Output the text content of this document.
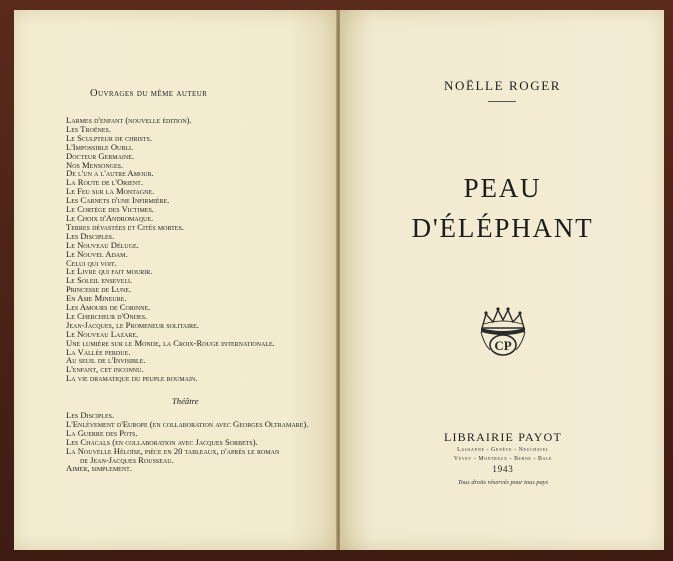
Ouvrages du même auteur
Larmes d'enfant (nouvelle édition).
Les Troënes.
Le Sculpteur de christs.
L'Impossible Oubli.
Docteur Germaine.
Nos Mensonges.
De l'un a l'autre Amour.
La Route de l'Orient.
Le Feu sur la Montagne.
Les Carnets d'une Infirmière.
Le Cortège des Victimes.
Le Choix d'Andromaque.
Terres dévastées et Cités mortes.
Les Disciples.
Le Nouveau Déluge.
Le Nouvel Adam.
Celui qui voit.
Le Livre qui fait mourir.
Le Soleil enseveli.
Princesse de Lune.
En Asie Mineure.
Les Amours de Corinne.
Le Chercheur d'Ondes.
Jean-Jacques, le Promeneur solitaire.
Le Nouveau Lazare.
Une lumière sur le Monde, la Croix-Rouge internationale.
La Vallée perdue.
Au seuil de l'Invisible.
L'enfant, cet inconnu.
La vie dramatique du peuple roumain.
Théâtre
Les Disciples.
L'Enlèvement d'Europe (en collaboration avec Georges Oltramare).
La Guerre des Pots.
Les Chacals (en collaboration avec Jacques Sorbets).
La Nouvelle Héloïse, pièce en 20 tableaux, d'après le roman
de Jean-Jacques Rousseau.
Aimer, simplement.
NOËLLE ROGER
PEAU
D'ÉLÉPHANT
CP
LIBRAIRIE PAYOT
Lausanne - Genève - Neuchatel
Vevey - Montreux - Berne - Bale
1943
Tous droits réservés pour tous pays
